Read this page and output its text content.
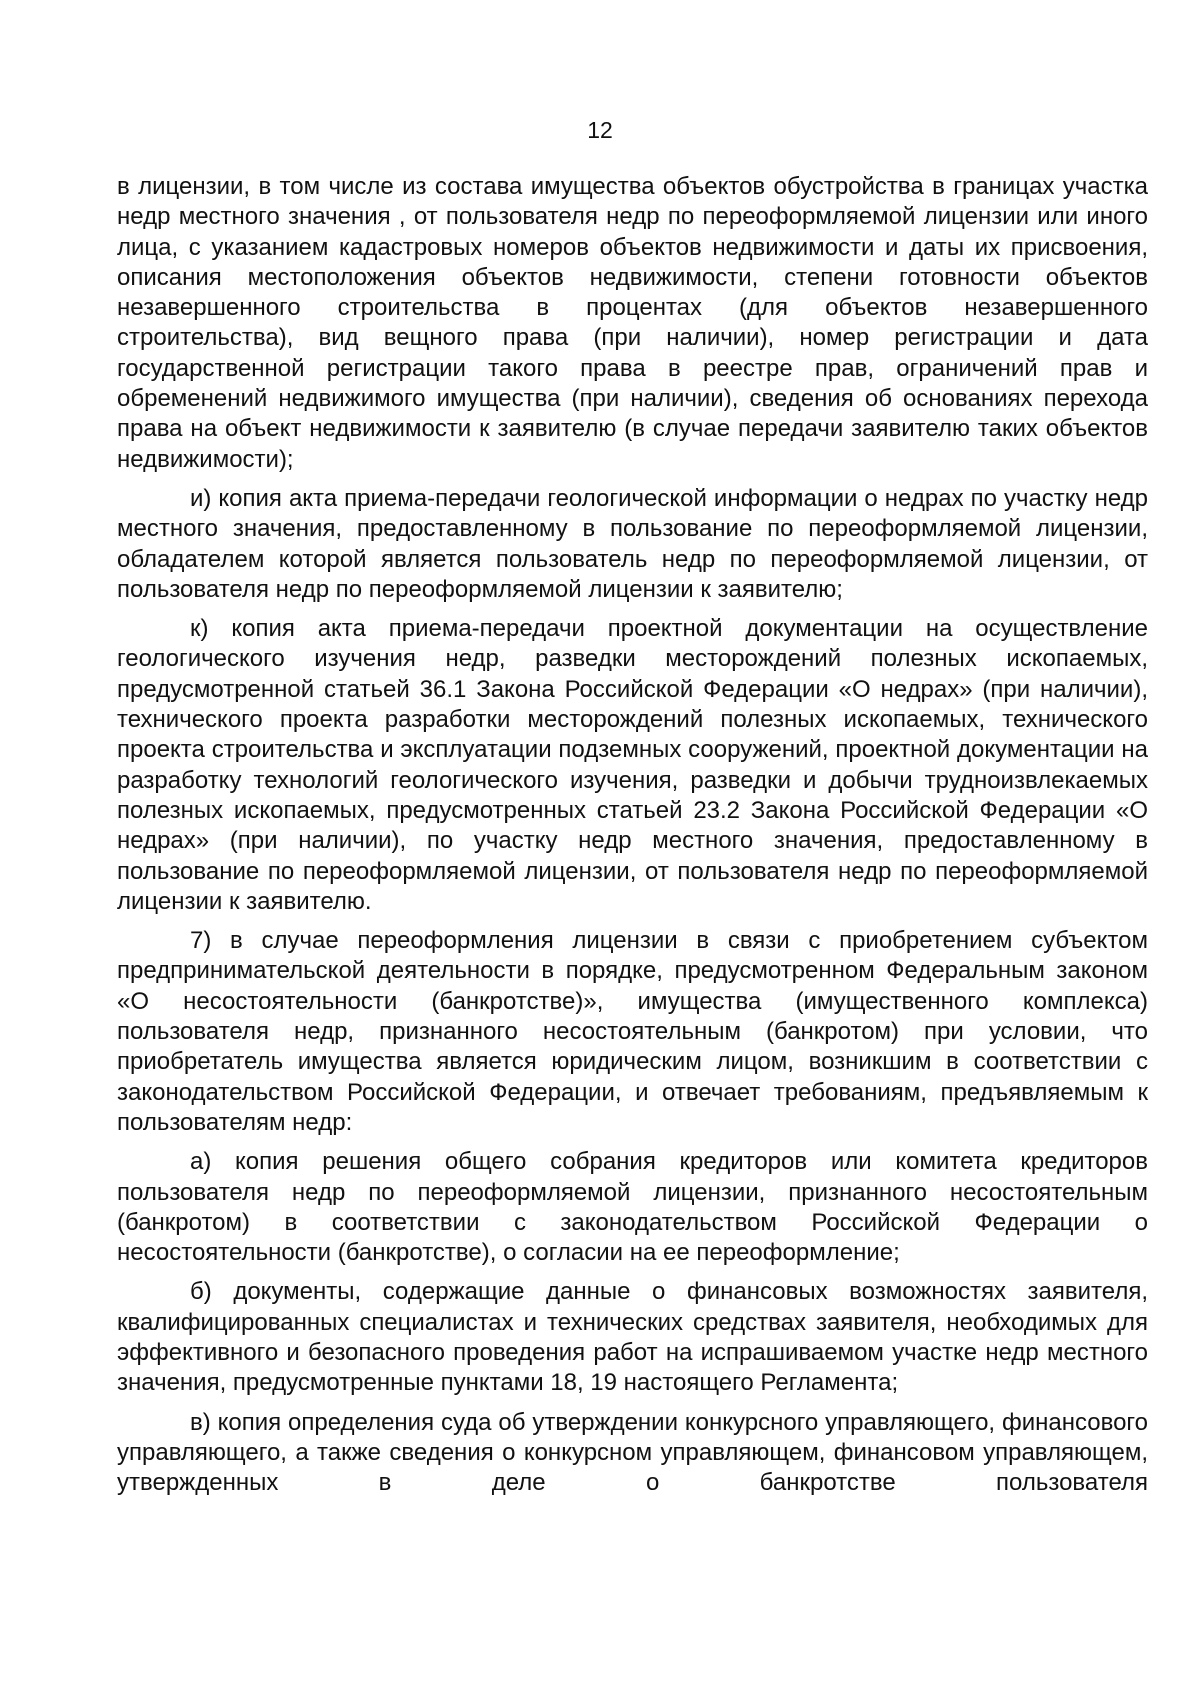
12

в лицензии, в том числе из состава имущества объектов обустройства в границах участка недр местного значения , от пользователя недр по переоформляемой лицензии или иного лица, с указанием кадастровых номеров объектов недвижимости и даты их присвоения, описания местоположения объектов недвижимости, степени готовности объектов незавершенного строительства в процентах (для объектов незавершенного строительства), вид вещного права (при наличии), номер регистрации и дата государственной регистрации такого права в реестре прав, ограничений прав и обременений недвижимого имущества (при наличии), сведения об основаниях перехода права на объект недвижимости к заявителю (в случае передачи заявителю таких объектов недвижимости);

и) копия акта приема-передачи геологической информации о недрах по участку недр местного значения, предоставленному в пользование по переоформляемой лицензии, обладателем которой является пользователь недр по переоформляемой лицензии, от пользователя недр по переоформляемой лицензии к заявителю;

к) копия акта приема-передачи проектной документации на осуществление геологического изучения недр, разведки месторождений полезных ископаемых, предусмотренной статьей 36.1 Закона Российской Федерации «О недрах» (при наличии), технического проекта разработки месторождений полезных ископаемых, технического проекта строительства и эксплуатации подземных сооружений, проектной документации на разработку технологий геологического изучения, разведки и добычи трудноизвлекаемых полезных ископаемых, предусмотренных статьей 23.2 Закона Российской Федерации «О недрах» (при наличии), по участку недр местного значения, предоставленному в пользование по переоформляемой лицензии, от пользователя недр по переоформляемой лицензии к заявителю.

7) в случае переоформления лицензии в связи с приобретением субъектом предпринимательской деятельности в порядке, предусмотренном Федеральным законом «О несостоятельности (банкротстве)», имущества (имущественного комплекса) пользователя недр, признанного несостоятельным (банкротом) при условии, что приобретатель имущества является юридическим лицом, возникшим в соответствии с законодательством Российской Федерации, и отвечает требованиям, предъявляемым к пользователям недр:

а) копия решения общего собрания кредиторов или комитета кредиторов пользователя недр по переоформляемой лицензии, признанного несостоятельным (банкротом) в соответствии с законодательством Российской Федерации о несостоятельности (банкротстве), о согласии на ее переоформление;

б) документы, содержащие данные о финансовых возможностях заявителя, квалифицированных специалистах и технических средствах заявителя, необходимых для эффективного и безопасного проведения работ на испрашиваемом участке недр местного значения, предусмотренные пунктами 18, 19 настоящего Регламента;

в) копия определения суда об утверждении конкурсного управляющего, финансового управляющего, а также сведения о конкурсном управляющем, финансовом управляющем, утвержденных в деле о банкротстве пользователя
